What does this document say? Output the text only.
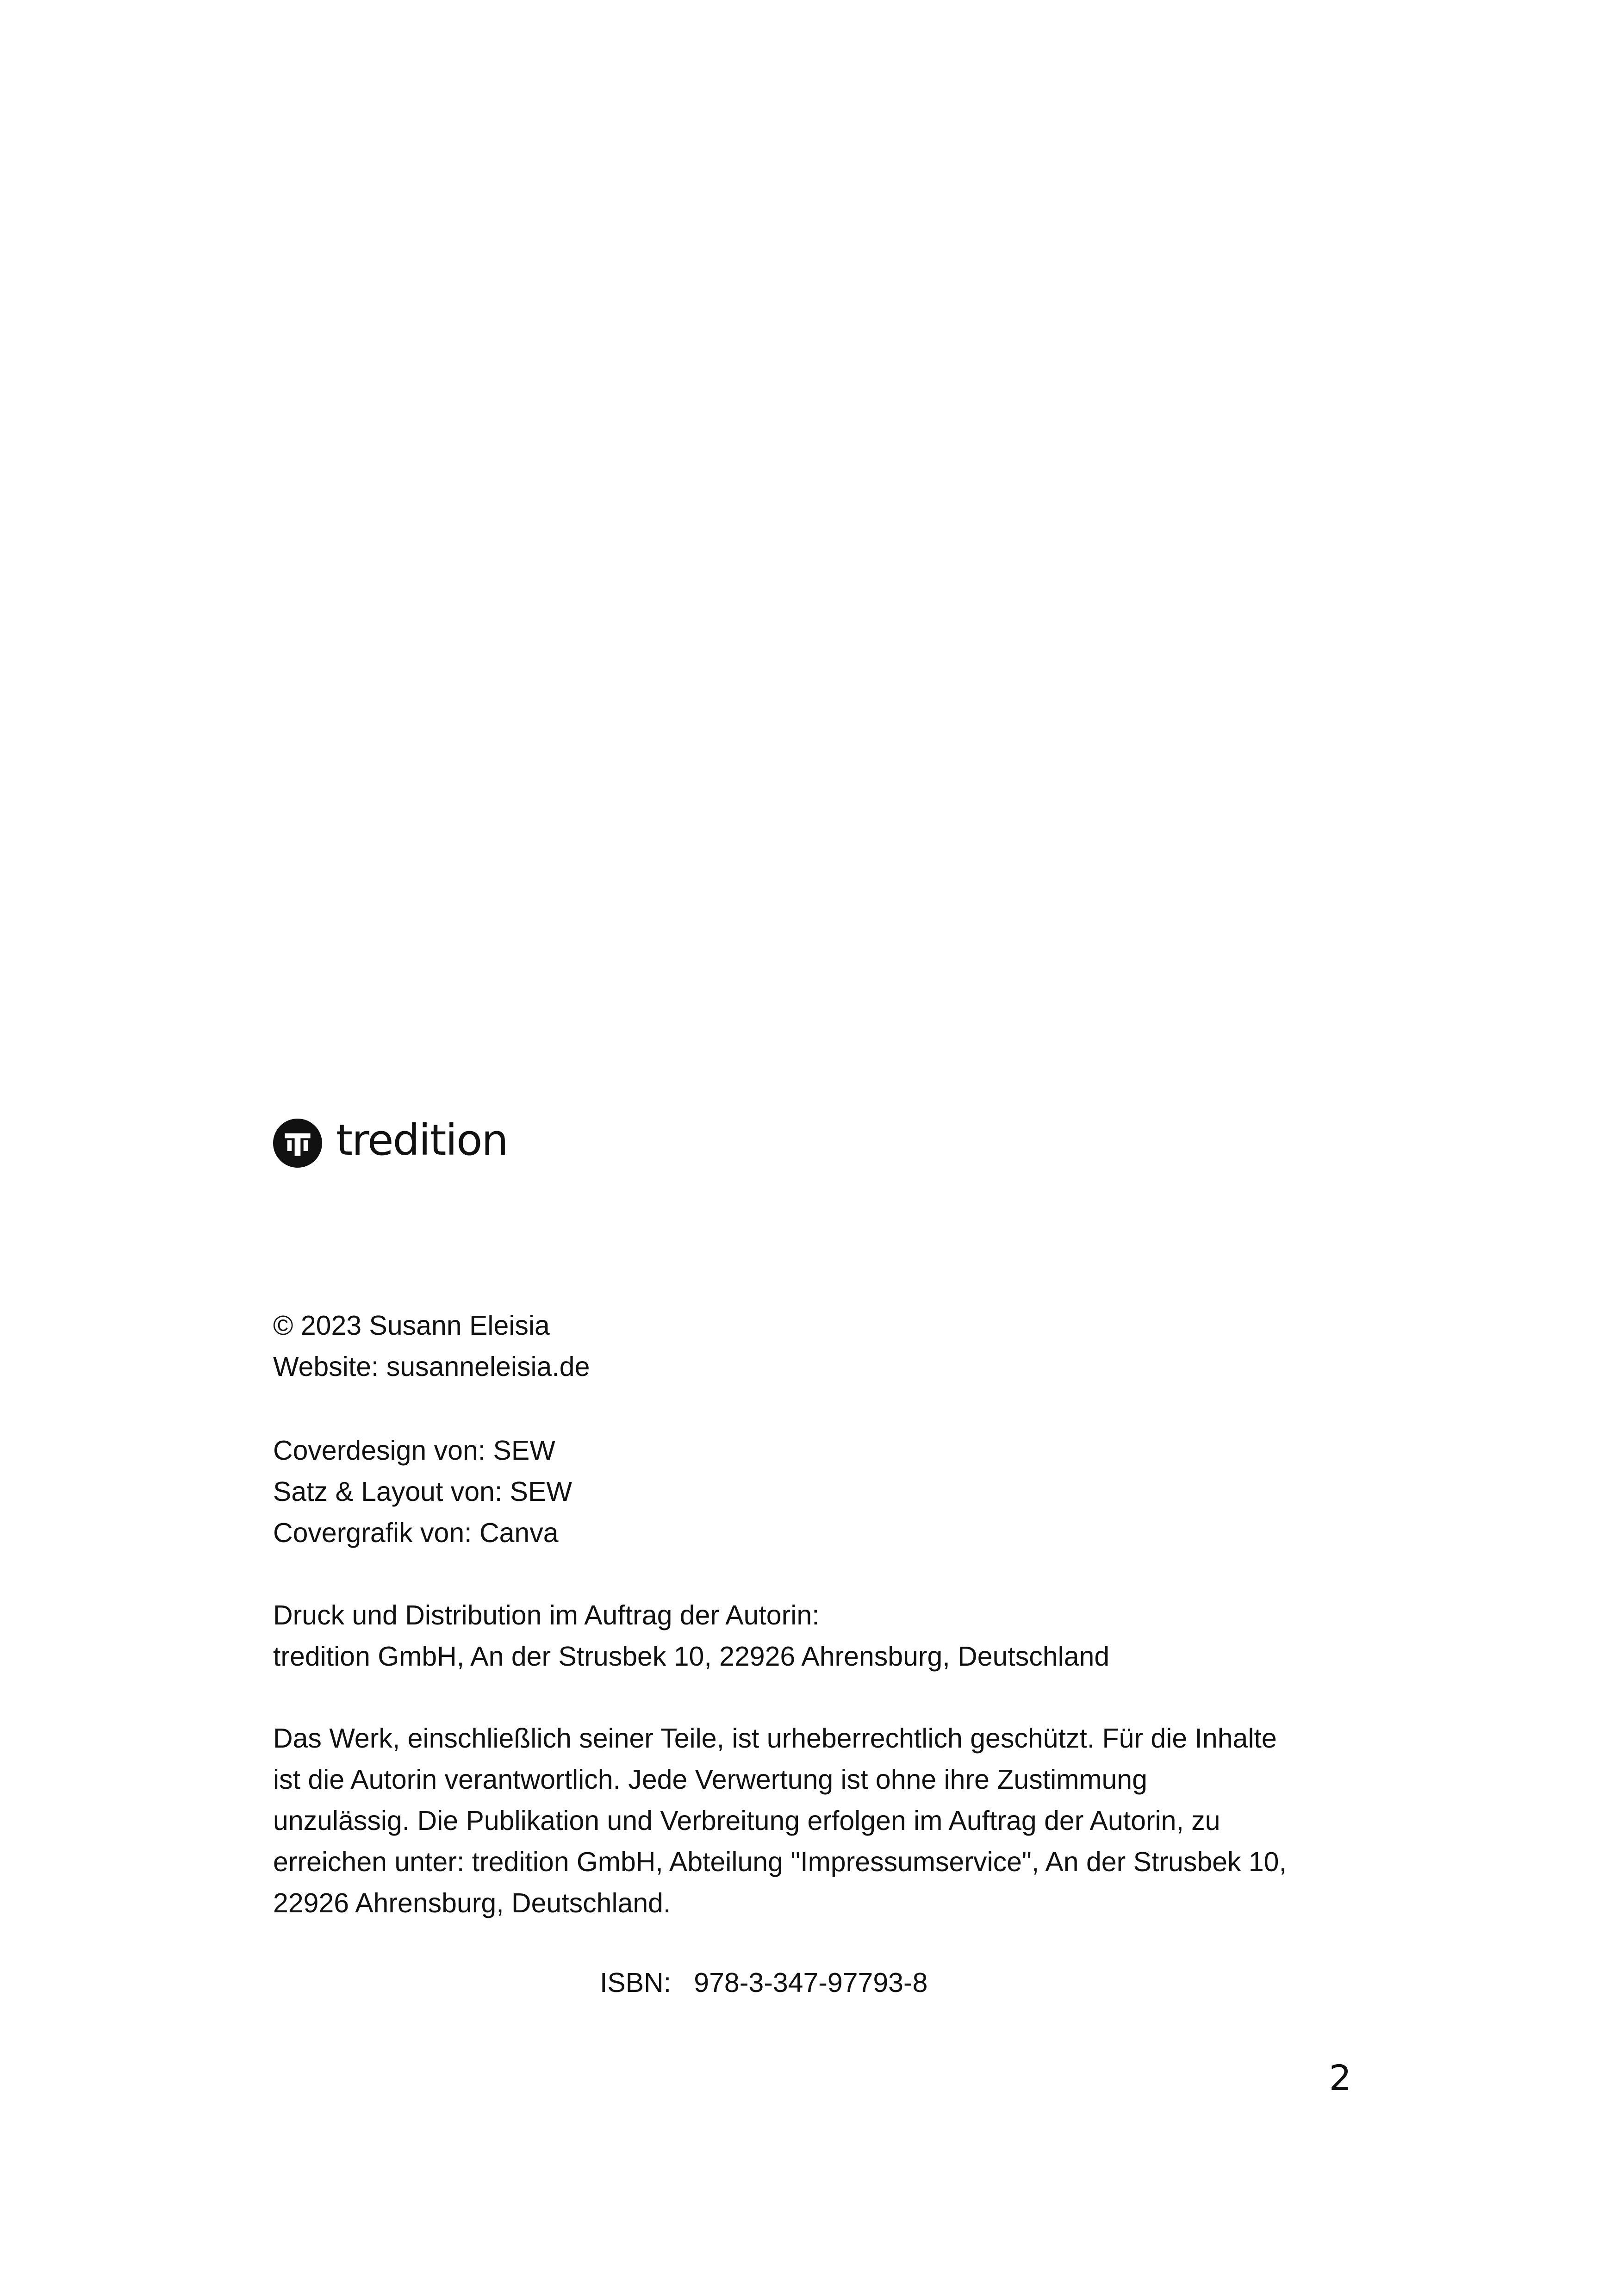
tredition

© 2023 Susann Eleisia

Website: susanneleisia.de

Coverdesign von: SEW

Satz & Layout von: SEW

Covergrafik von: Canva

Druck und Distribution im Auftrag der Autorin:

tredition GmbH, An der Strusbek 10, 22926 Ahrensburg, Deutschland

Das Werk, einschließlich seiner Teile, ist urheberrechtlich geschützt. Für die Inhalte

ist die Autorin verantwortlich. Jede Verwertung ist ohne ihre Zustimmung

unzulässig. Die Publikation und Verbreitung erfolgen im Auftrag der Autorin, zu

erreichen unter: tredition GmbH, Abteilung "Impressumservice", An der Strusbek 10,

22926 Ahrensburg, Deutschland.

ISBN: 978-3-347-97793-8
2
